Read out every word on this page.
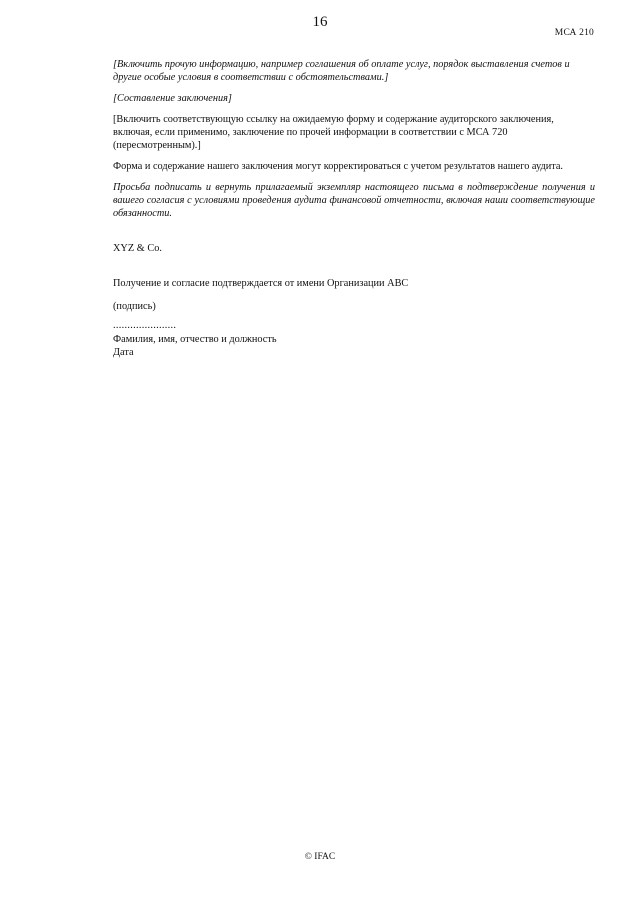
16
МСА 210

[Включить прочую информацию, например соглашения об оплате услуг, порядок выставления счетов и другие особые условия в соответствии с обстоятельствами.]

[Составление заключения]

[Включить соответствующую ссылку на ожидаемую форму и содержание аудиторского заключения, включая, если применимо, заключение по прочей информации в соответствии с МСА 720 (пересмотренным).]

Форма и содержание нашего заключения могут корректироваться с учетом результатов нашего аудита.

Просьба подписать и вернуть прилагаемый экземпляр настоящего письма в подтверждение получения и вашего согласия с условиями проведения аудита финансовой отчетности, включая наши соответствующие обязанности.

XYZ & Co.
Получение и согласие подтверждается от имени Организации АВС
(подпись)
......................
Фамилия, имя, отчество и должность
Дата
© IFAC
